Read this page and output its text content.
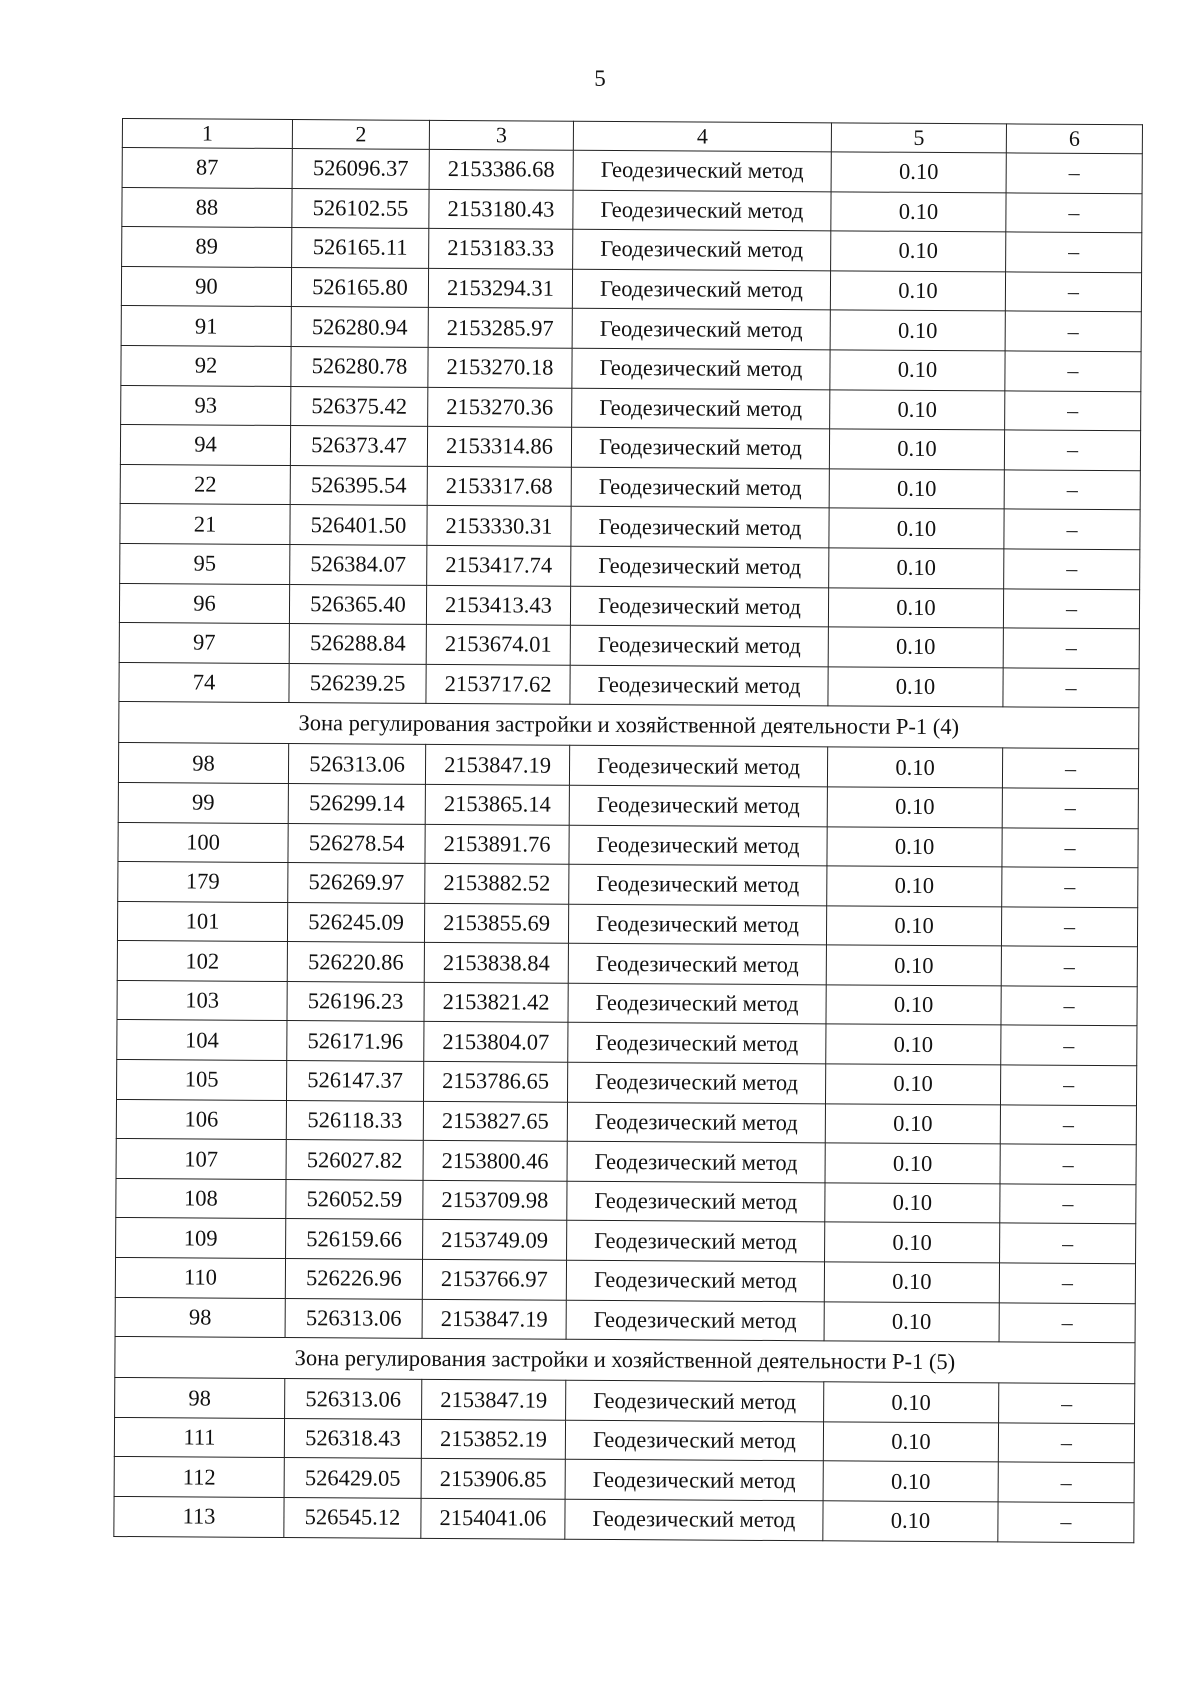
5
1	2	3	4	5	6
87	526096.37	2153386.68	Геодезический метод	0.10	–
88	526102.55	2153180.43	Геодезический метод	0.10	–
89	526165.11	2153183.33	Геодезический метод	0.10	–
90	526165.80	2153294.31	Геодезический метод	0.10	–
91	526280.94	2153285.97	Геодезический метод	0.10	–
92	526280.78	2153270.18	Геодезический метод	0.10	–
93	526375.42	2153270.36	Геодезический метод	0.10	–
94	526373.47	2153314.86	Геодезический метод	0.10	–
22	526395.54	2153317.68	Геодезический метод	0.10	–
21	526401.50	2153330.31	Геодезический метод	0.10	–
95	526384.07	2153417.74	Геодезический метод	0.10	–
96	526365.40	2153413.43	Геодезический метод	0.10	–
97	526288.84	2153674.01	Геодезический метод	0.10	–
74	526239.25	2153717.62	Геодезический метод	0.10	–
Зона регулирования застройки и хозяйственной деятельности Р-1 (4)					
98	526313.06	2153847.19	Геодезический метод	0.10	–
99	526299.14	2153865.14	Геодезический метод	0.10	–
100	526278.54	2153891.76	Геодезический метод	0.10	–
179	526269.97	2153882.52	Геодезический метод	0.10	–
101	526245.09	2153855.69	Геодезический метод	0.10	–
102	526220.86	2153838.84	Геодезический метод	0.10	–
103	526196.23	2153821.42	Геодезический метод	0.10	–
104	526171.96	2153804.07	Геодезический метод	0.10	–
105	526147.37	2153786.65	Геодезический метод	0.10	–
106	526118.33	2153827.65	Геодезический метод	0.10	–
107	526027.82	2153800.46	Геодезический метод	0.10	–
108	526052.59	2153709.98	Геодезический метод	0.10	–
109	526159.66	2153749.09	Геодезический метод	0.10	–
110	526226.96	2153766.97	Геодезический метод	0.10	–
98	526313.06	2153847.19	Геодезический метод	0.10	–
Зона регулирования застройки и хозяйственной деятельности Р-1 (5)					
98	526313.06	2153847.19	Геодезический метод	0.10	–
111	526318.43	2153852.19	Геодезический метод	0.10	–
112	526429.05	2153906.85	Геодезический метод	0.10	–
113	526545.12	2154041.06	Геодезический метод	0.10	–
